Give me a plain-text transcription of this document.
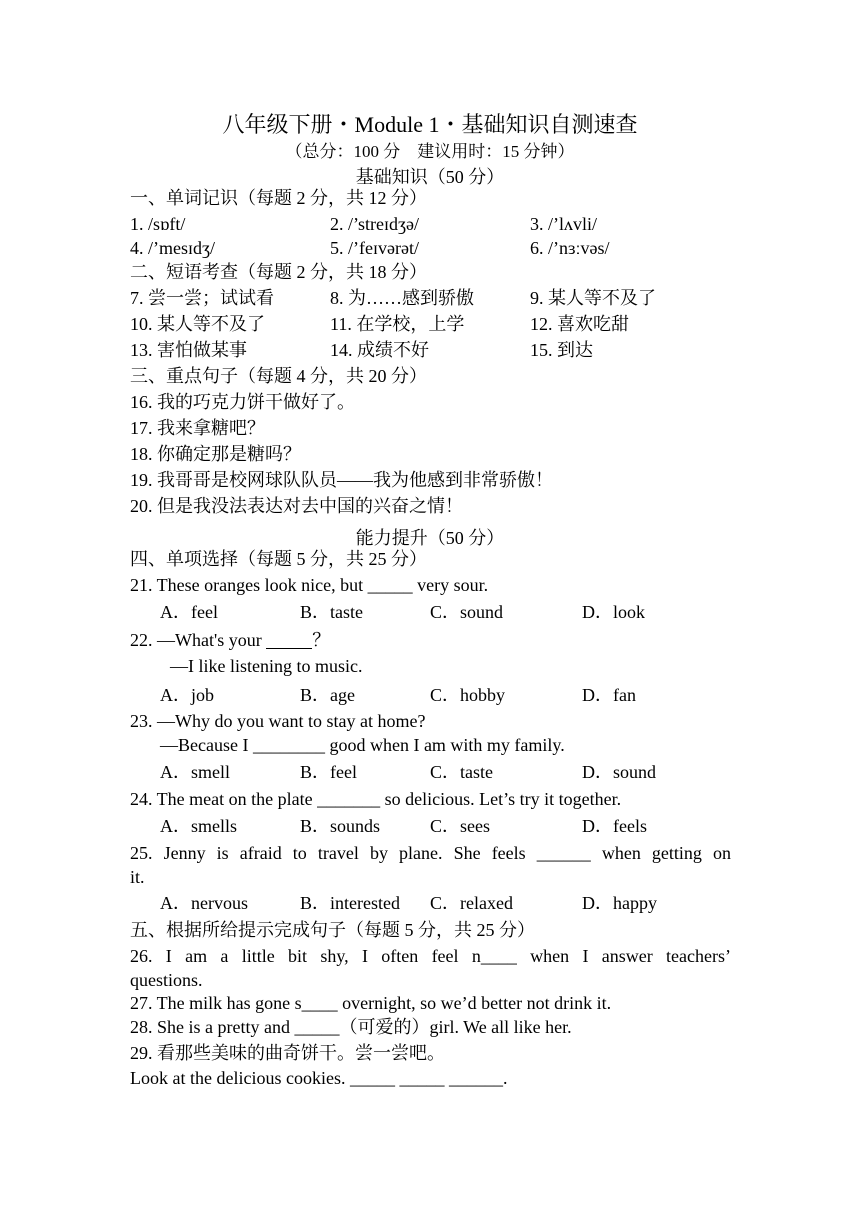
八年级下册・Module 1・基础知识自测速查
（总分：100 分　建议用时：15 分钟）
基础知识（50 分）
一、单词记识（每题 2 分，共 12 分）
1. /sɒft/	2. /’streɪdʒə/	3. /’lʌvli/
4. /’mesɪdʒ/	5. /’feɪvərət/	6. /’nɜːvəs/
二、短语考查（每题 2 分，共 18 分）
7. 尝一尝；试试看	8. 为……感到骄傲	9. 某人等不及了
10. 某人等不及了	11. 在学校，上学	12. 喜欢吃甜
13. 害怕做某事	14. 成绩不好	15. 到达
三、重点句子（每题 4 分，共 20 分）
16. 我的巧克力饼干做好了。
17. 我来拿糖吧？
18. 你确定那是糖吗？
19. 我哥哥是校网球队队员——我为他感到非常骄傲！
20. 但是我没法表达对去中国的兴奋之情！
能力提升（50 分）
四、单项选择（每题 5 分，共 25 分）
21. These oranges look nice, but _____ very sour.
A．feel	B．taste	C．sound	D．look
22. —What's your	？
—I like listening to music.
A．job	B．age	C．hobby	D．fan
23. —Why do you want to stay at home?
—Because I ________ good when I am with my family.
A．smell	B．feel	C．taste	D．sound
24. The meat on the plate _______ so delicious. Let’s try it together.
A．smells	B．sounds	C．sees	D．feels
25. Jenny is afraid to travel by plane. She feels ______ when getting on
it.
A．nervous	B．interested C．relaxed	D．happy
五、根据所给提示完成句子（每题 5 分，共 25 分）
26. I am a little bit shy, I often feel n____ when I answer teachers’
questions.
27. The milk has gone s____ overnight, so we’d better not drink it.
28. She is a pretty and _____（可爱的）girl. We all like her.
29. 看那些美味的曲奇饼干。尝一尝吧。
Look at the delicious cookies. _____ _____ ______.
